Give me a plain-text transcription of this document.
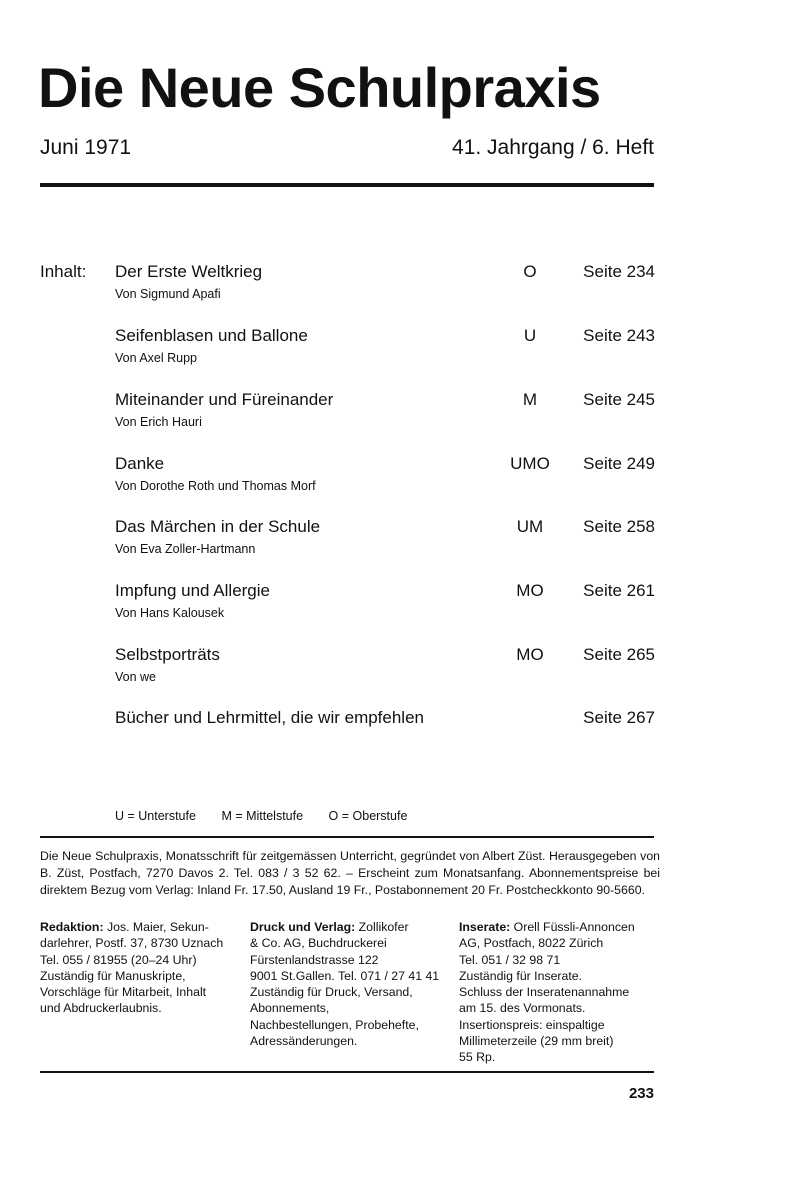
Die Neue Schulpraxis
Juni 1971	41. Jahrgang / 6. Heft
Inhalt: Der Erste Weltkrieg
Von Sigmund Apafi
O	Seite 234
Seifenblasen und Ballone
Von Axel Rupp
U	Seite 243
Miteinander und Füreinander
Von Erich Hauri
M	Seite 245
Danke
Von Dorothe Roth und Thomas Morf
UMO	Seite 249
Das Märchen in der Schule
Von Eva Zoller-Hartmann
UM	Seite 258
Impfung und Allergie
Von Hans Kalousek
MO	Seite 261
Selbstporträts
Von we
MO	Seite 265
Bücher und Lehrmittel, die wir empfehlen	Seite 267
U = Unterstufe M = Mittelstufe O = Oberstufe
Die Neue Schulpraxis, Monatsschrift für zeitgemässen Unterricht, gegründet von Albert Züst. Herausgegeben von B. Züst, Postfach, 7270 Davos 2. Tel. 083 / 3 52 62. – Erscheint zum Monatsanfang. Abonnementspreise bei direktem Bezug vom Verlag: Inland Fr. 17.50, Ausland 19 Fr., Postabonnement 20 Fr. Postcheckkonto 90-5660.

Redaktion: Jos. Maier, Sekun-

darlehrer, Postf. 37, 8730 Uznach

Tel. 055 / 81955 (20–24 Uhr)

Zuständig für Manuskripte,

Vorschläge für Mitarbeit, Inhalt

und Abdruckerlaubnis.

Druck und Verlag: Zollikofer

& Co. AG, Buchdruckerei

Fürstenlandstrasse 122

9001 St.Gallen. Tel. 071 / 27 41 41

Zuständig für Druck, Versand,

Abonnements,

Nachbestellungen, Probehefte,

Adressänderungen.

Inserate: Orell Füssli-Annoncen

AG, Postfach, 8022 Zürich

Tel. 051 / 32 98 71

Zuständig für Inserate.

Schluss der Inseratenannahme

am 15. des Vormonats.

Insertionspreis: einspaltige

Millimeterzeile (29 mm breit)

55 Rp.

233
